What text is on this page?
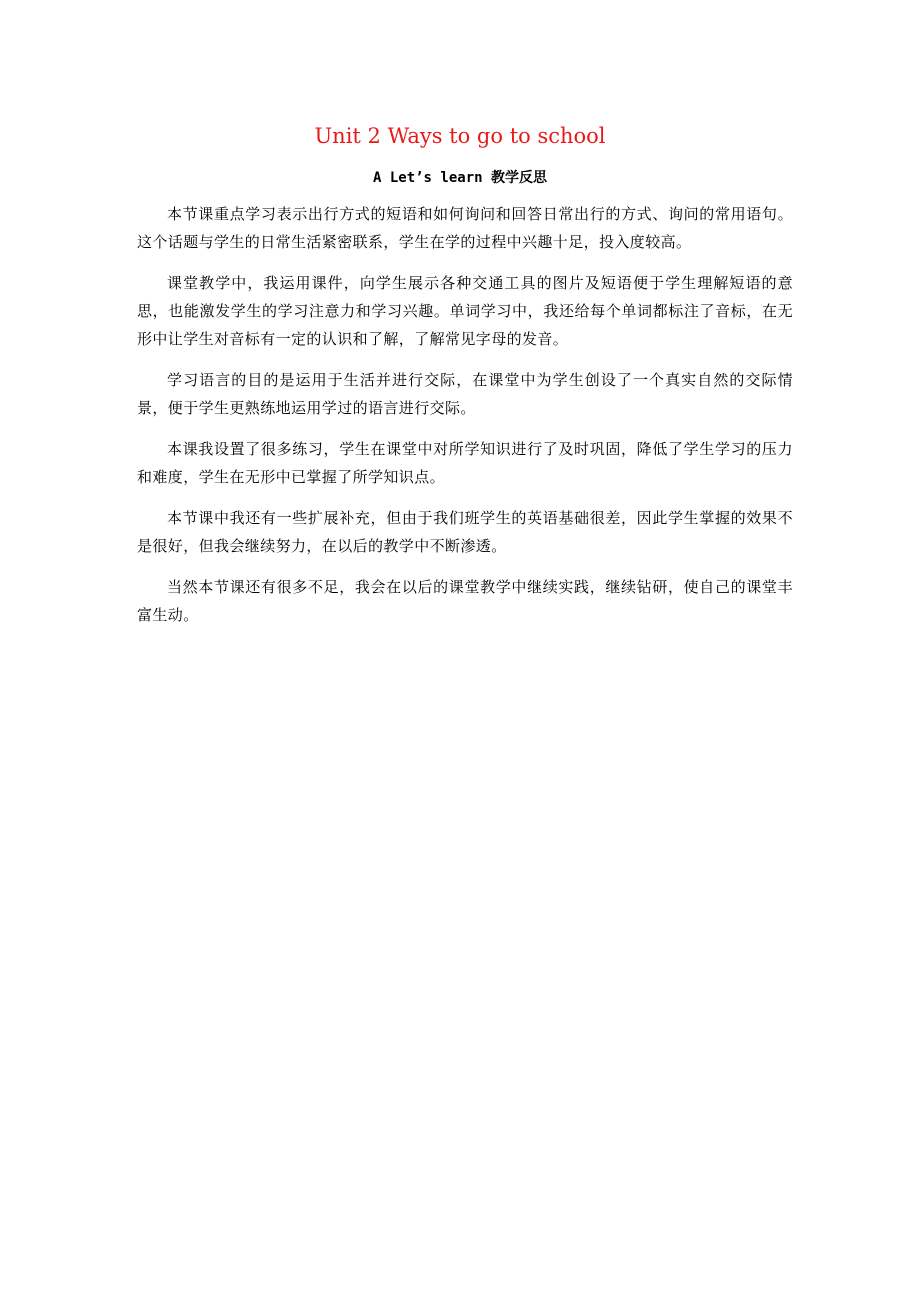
Unit 2 Ways to go to school
A Let’s learn 教学反思

本节课重点学习表示出行方式的短语和如何询问和回答日常出行的方式、询问的常用语句。这个话题与学生的日常生活紧密联系，学生在学的过程中兴趣十足，投入度较高。

课堂教学中，我运用课件，向学生展示各种交通工具的图片及短语便于学生理解短语的意思，也能激发学生的学习注意力和学习兴趣。单词学习中，我还给每个单词都标注了音标，在无形中让学生对音标有一定的认识和了解，了解常见字母的发音。

学习语言的目的是运用于生活并进行交际，在课堂中为学生创设了一个真实自然的交际情景，便于学生更熟练地运用学过的语言进行交际。

本课我设置了很多练习，学生在课堂中对所学知识进行了及时巩固，降低了学生学习的压力和难度，学生在无形中已掌握了所学知识点。

本节课中我还有一些扩展补充，但由于我们班学生的英语基础很差，因此学生掌握的效果不是很好，但我会继续努力，在以后的教学中不断渗透。

当然本节课还有很多不足，我会在以后的课堂教学中继续实践，继续钻研，使自己的课堂丰富生动。
